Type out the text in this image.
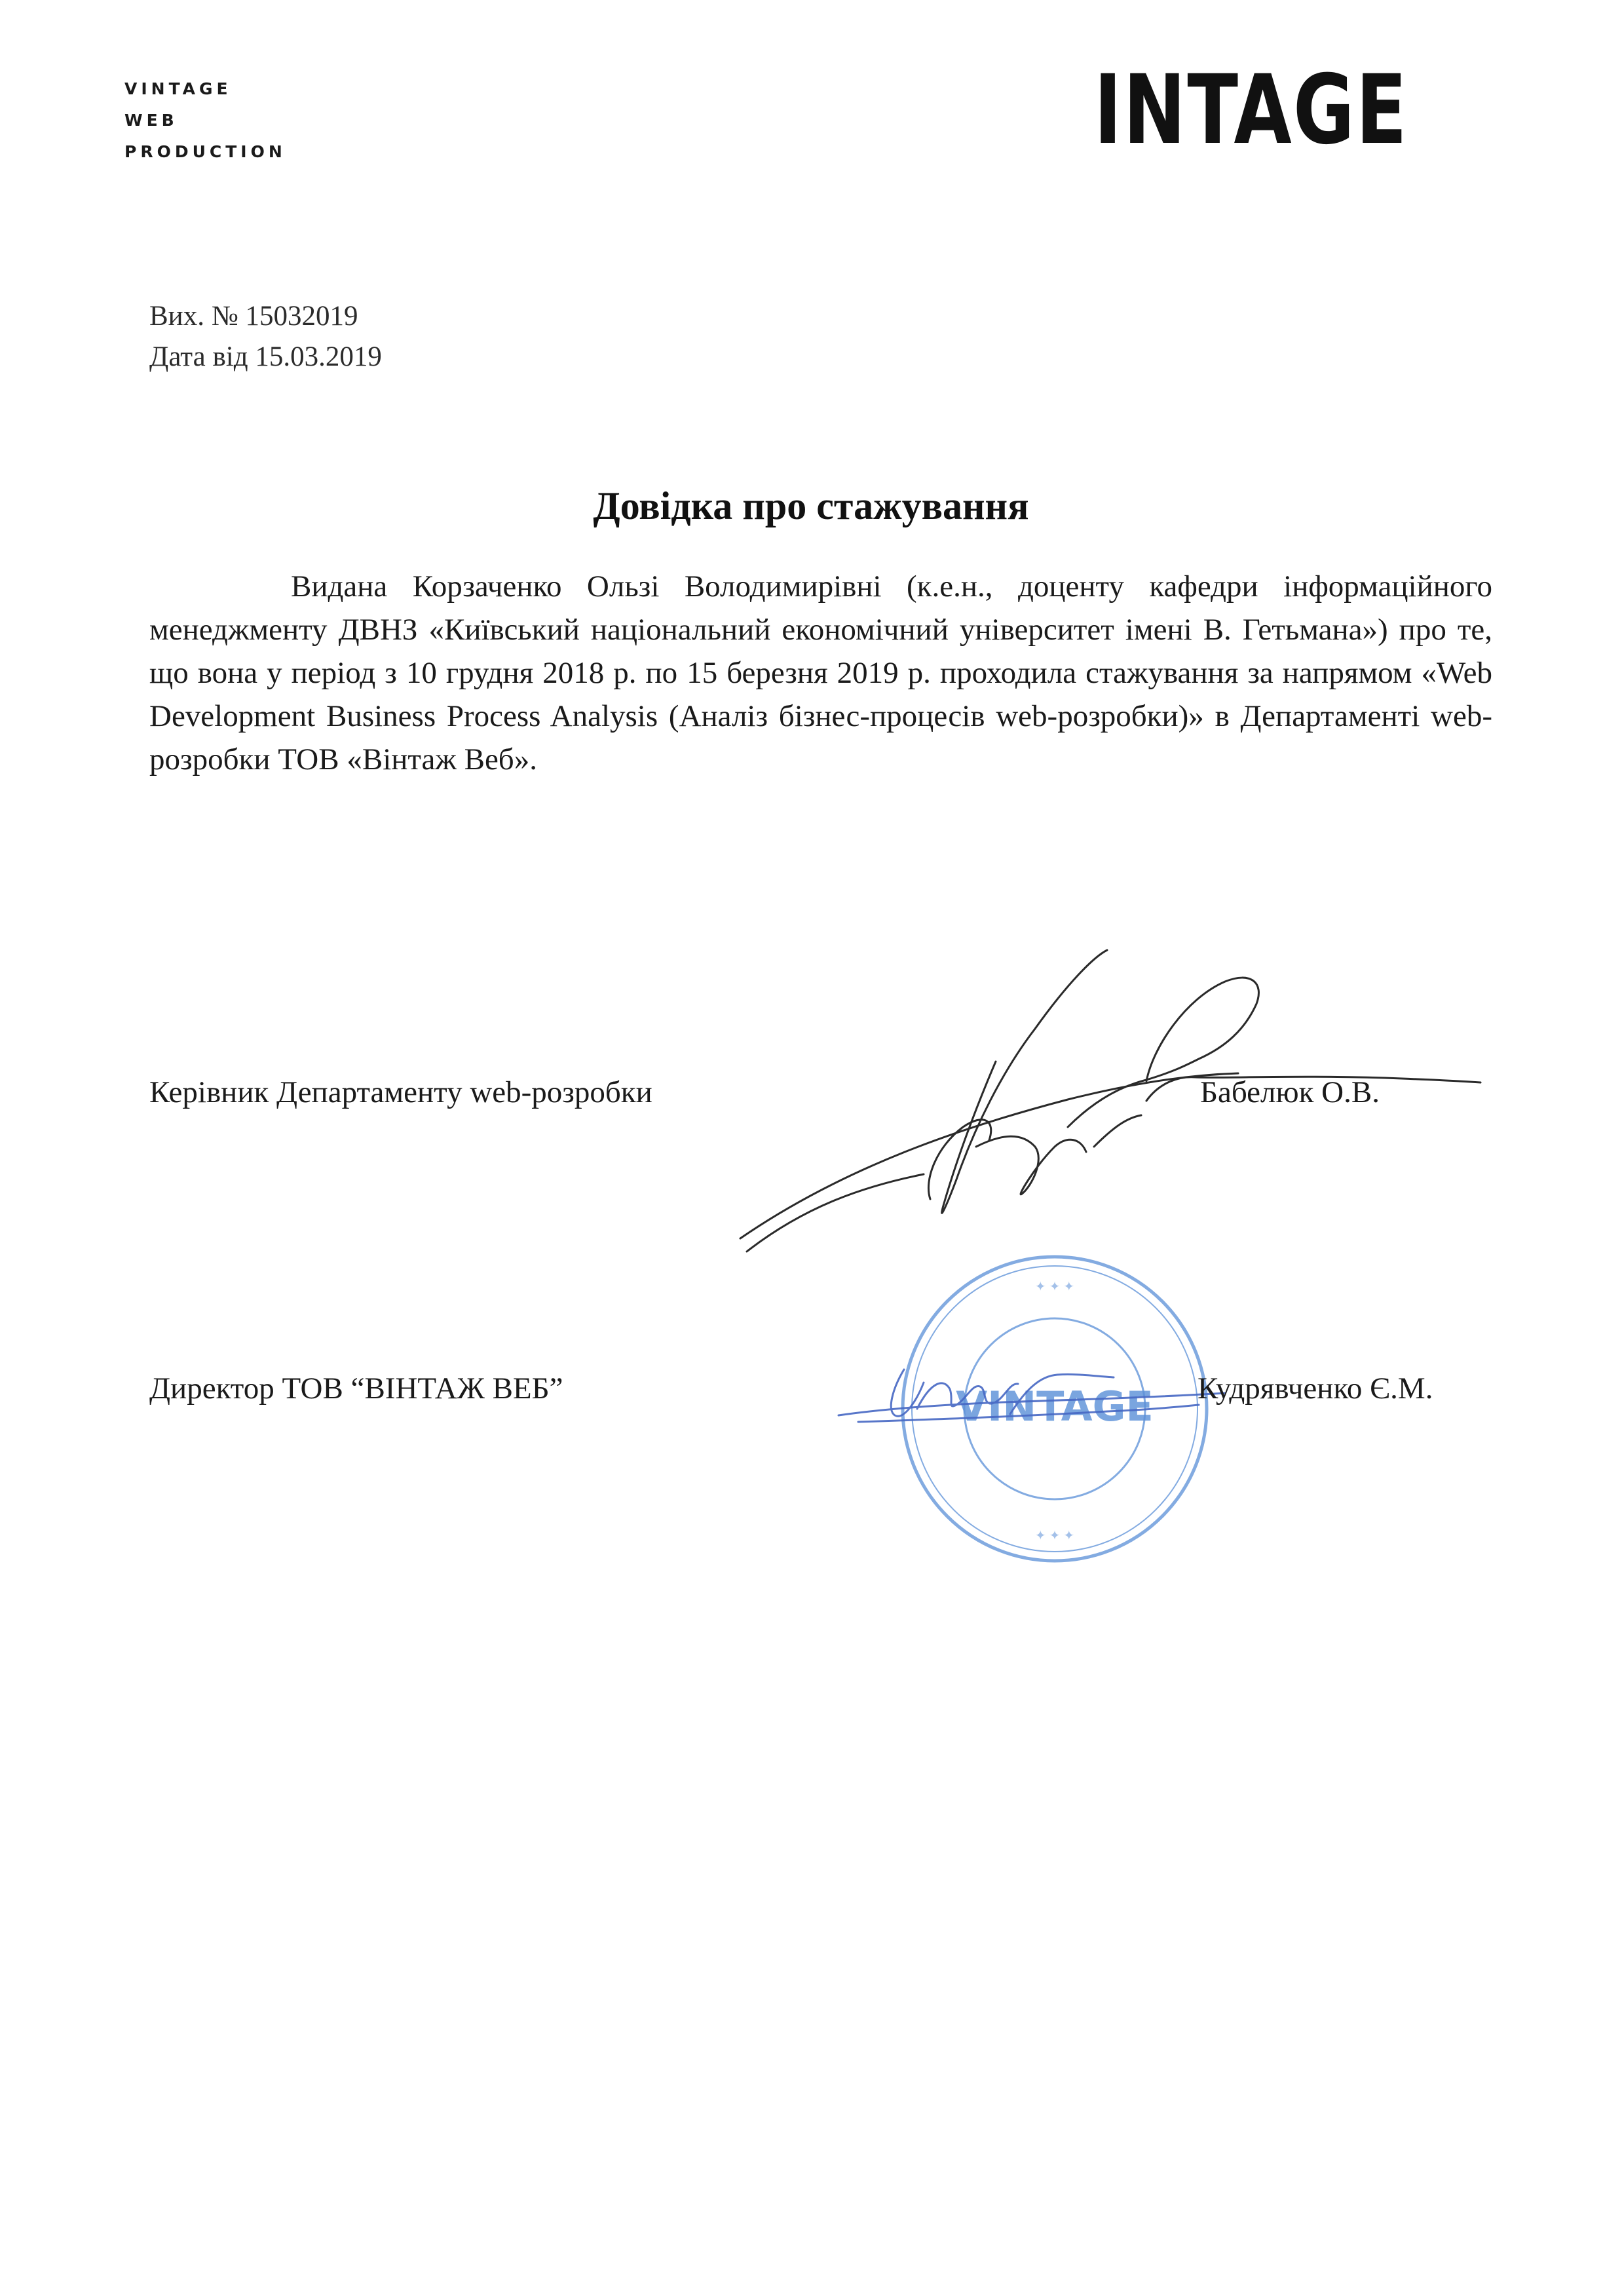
VINTAGE
WEB
PRODUCTION	INTAGE
Вих. № 15032019
Дата від 15.03.2019
Довідка про стажування

Видана Корзаченко Ользі Володимирівні (к.е.н., доценту кафедри інформаційного менеджменту ДВНЗ «Київський національний економічний університет імені В. Гетьмана») про те, що вона у період з 10 грудня 2018 р. по 15 березня 2019 р. проходила стажування за напрямом «Web Development Business Process Analysis (Аналіз бізнес-процесів web-розробки)» в Департаменті web-розробки ТОВ «Вінтаж Веб».

Керівник Департаменту web-розробки	Бабелюк О.В.
✦ ✦ ✦
✦ ✦ ✦
VINTAGE
Директор ТОВ “ВІНТАЖ ВЕБ”	Кудрявченко Є.М.
